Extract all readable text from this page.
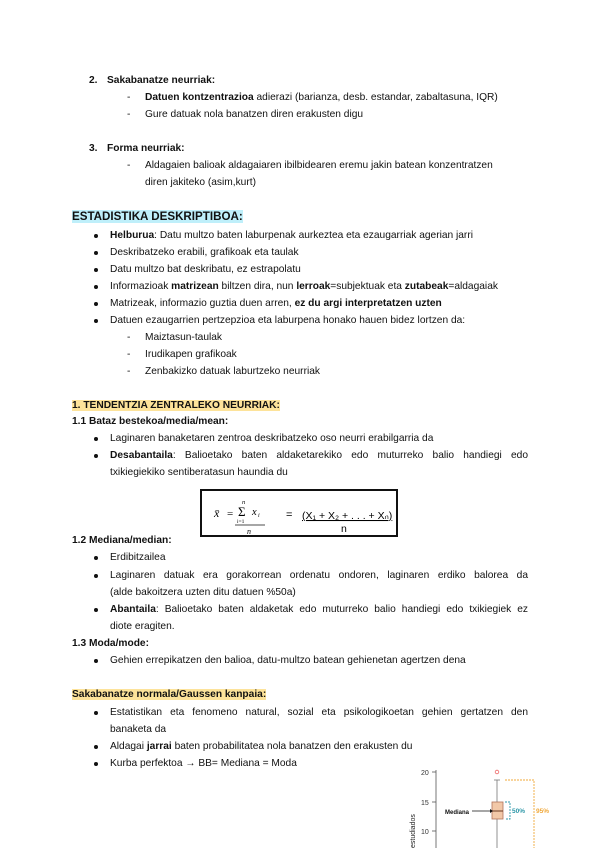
2. Sakabanatze neurriak:
- Datuen kontzentrazioa adierazi (barianza, desb. estandar, zabaltasuna, IQR)
- Gure datuak nola banatzen diren erakusten digu
3. Forma neurriak:
- Aldagaien balioak aldagaiaren ibilbidearen eremu jakin batean konzentratzen
diren jakiteko (asim,kurt)
ESTADISTIKA DESKRIPTIBOA:
Helburua: Datu multzo baten laburpenak aurkeztea eta ezaugarriak agerian jarri
Deskribatzeko erabili, grafikoak eta taulak
Datu multzo bat deskribatu, ez estrapolatu
Informazioak matrizean biltzen dira, nun lerroak=subjektuak eta zutabeak=aldagaiak
Matrizeak, informazio guztia duen arren, ez du argi interpretatzen uzten
Datuen ezaugarrien pertzepzioa eta laburpena honako hauen bidez lortzen da:
- Maiztasun-taulak
- Irudikapen grafikoak
- Zenbakizko datuak laburtzeko neurriak
1. TENDENTZIA ZENTRALEKO NEURRIAK:
1.1 Bataz bestekoa/media/mean:
Laginaren banaketaren zentroa deskribatzeko oso neurri erabilgarria da
Desabantaila: Balioetako baten aldaketarekiko edo muturreko balio handiegi edo
txikiegiekiko sentiberatasun haundia du
x̄ =
n
Σ
i=1
x i
n
= (X₁ + X₂ + . . . + Xₙ)
n
1.2 Mediana/median:
Erdibitzailea
Laginaren datuak era gorakorrean ordenatu ondoren, laginaren erdiko balorea da
(alde bakoitzera uzten ditu datuen %50a)
Abantaila: Balioetako baten aldaketak edo muturreko balio handiegi edo txikiegiek ez
diote eragiten.
1.3 Moda/mode:
Gehien errepikatzen den balioa, datu-multzo batean gehienetan agertzen dena
Sakabanatze normala/Gaussen kanpaia:
Estatistikan eta fenomeno natural, sozial eta psikologikoetan gehien gertatzen den
banaketa da
Aldagai jarrai baten probabilitatea nola banatzen den erakusten du
Kurba perfektoa → BB= Mediana = Moda
20
15
10
estudiados
Mediana	50% 95%
